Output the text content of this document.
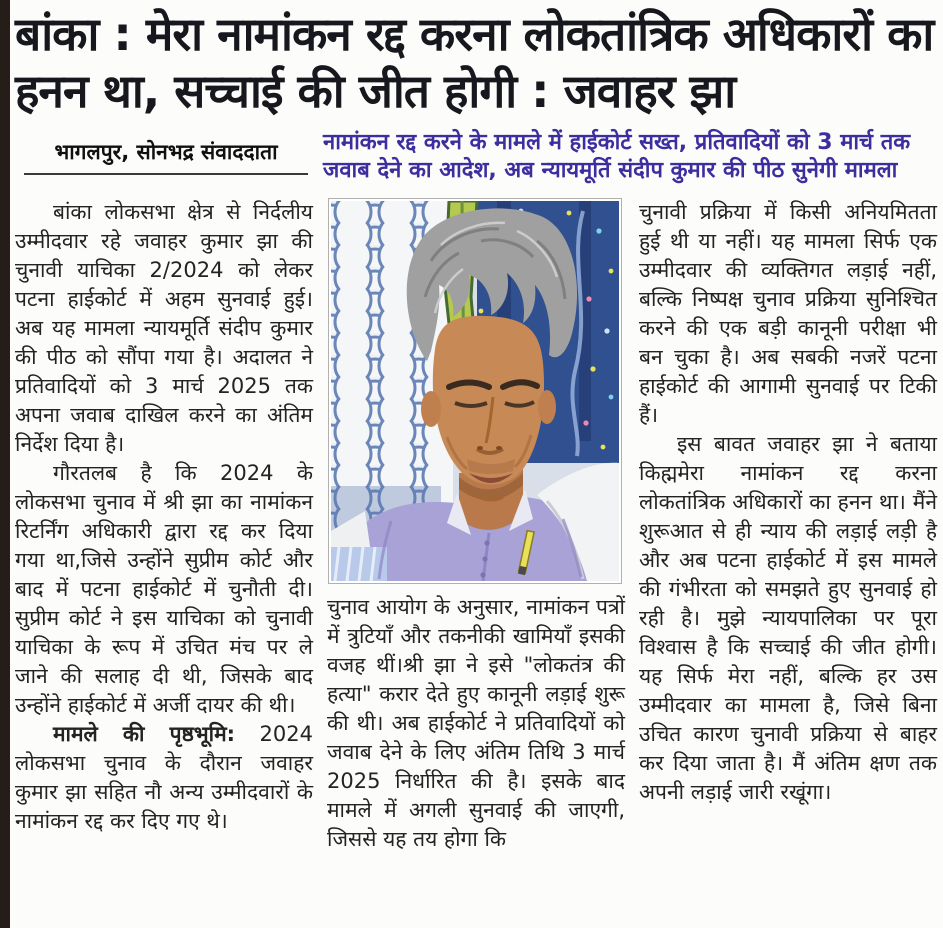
बांका : मेरा नामांकन रद्द करना लोकतांत्रिक अधिकारों का हनन था, सच्चाई की जीत होगी : जवाहर झा
भागलपुर, सोनभद्र संवाददाता नामांकन रद्द करने के मामले में हाईकोर्ट सख्त, प्रतिवादियों को 3 मार्च तक जवाब देने का आदेश, अब न्यायमूर्ति संदीप कुमार की पीठ सुनेगी मामला

बांका लोकसभा क्षेत्र से निर्दलीय उम्मीदवार रहे जवाहर कुमार झा की चुनावी याचिका 2/2024 को लेकर पटना हाईकोर्ट में अहम सुनवाई हुई। अब यह मामला न्यायमूर्ति संदीप कुमार की पीठ को सौंपा गया है। अदालत ने प्रतिवादियों को 3 मार्च 2025 तक अपना जवाब दाखिल करने का अंतिम निर्देश दिया है।

गौरतलब है कि 2024 के लोकसभा चुनाव में श्री झा का नामांकन रिटर्निंग अधिकारी द्वारा रद्द कर दिया गया था,जिसे उन्होंने सुप्रीम कोर्ट और बाद में पटना हाईकोर्ट में चुनौती दी। सुप्रीम कोर्ट ने इस याचिका को चुनावी याचिका के रूप में उचित मंच पर ले जाने की सलाह दी थी, जिसके बाद उन्होंने हाईकोर्ट में अर्जी दायर की थी।

मामले की पृष्ठभूमि: 2024 लोकसभा चुनाव के दौरान जवाहर कुमार झा सहित नौ अन्य उम्मीदवारों के नामांकन रद्द कर दिए गए थे।

चुनाव आयोग के अनुसार, नामांकन पत्रों में त्रुटियाँ और तकनीकी खामियाँ इसकी वजह थीं।श्री झा ने इसे "लोकतंत्र की हत्या" करार देते हुए कानूनी लड़ाई शुरू की थी। अब हाईकोर्ट ने प्रतिवादियों को जवाब देने के लिए अंतिम तिथि 3 मार्च 2025 निर्धारित की है। इसके बाद मामले में अगली सुनवाई की जाएगी, जिससे यह तय होगा कि

चुनावी प्रक्रिया में किसी अनियमितता हुई थी या नहीं। यह मामला सिर्फ एक उम्मीदवार की व्यक्तिगत लड़ाई नहीं, बल्कि निष्पक्ष चुनाव प्रक्रिया सुनिश्चित करने की एक बड़ी कानूनी परीक्षा भी बन चुका है। अब सबकी नजरें पटना हाईकोर्ट की आगामी सुनवाई पर टिकी हैं।

इस बावत जवाहर झा ने बताया किह्ममेरा नामांकन रद्द करना लोकतांत्रिक अधिकारों का हनन था। मैंने शुरूआत से ही न्याय की लड़ाई लड़ी है और अब पटना हाईकोर्ट में इस मामले की गंभीरता को समझते हुए सुनवाई हो रही है। मुझे न्यायपालिका पर पूरा विश्वास है कि सच्चाई की जीत होगी। यह सिर्फ मेरा नहीं, बल्कि हर उस उम्मीदवार का मामला है, जिसे बिना उचित कारण चुनावी प्रक्रिया से बाहर कर दिया जाता है। मैं अंतिम क्षण तक अपनी लड़ाई जारी रखूंगा।
